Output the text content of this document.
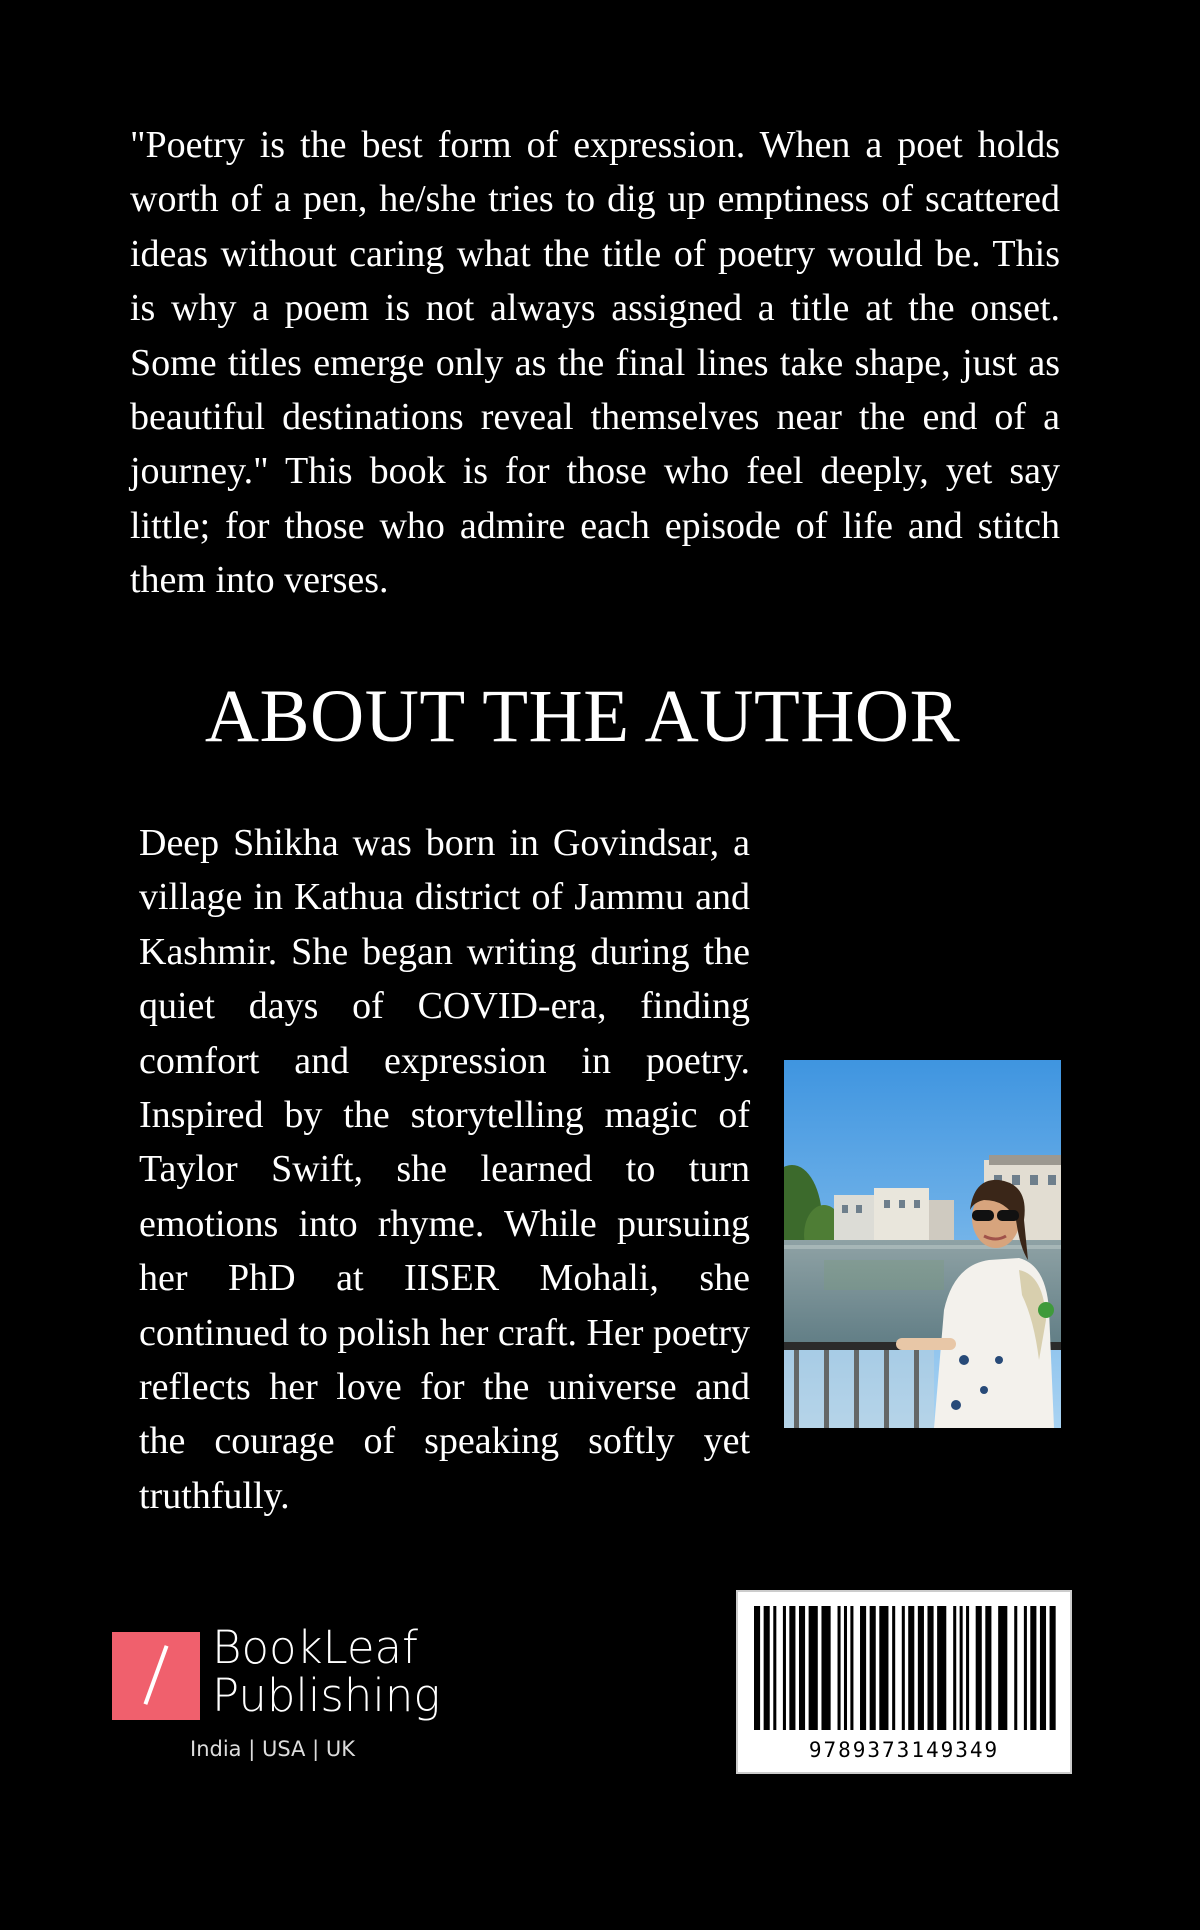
"Poetry is the best form of expression. When a poet holds worth of a pen, he/she tries to dig up emptiness of scattered ideas without caring what the title of poetry would be. This is why a poem is not always assigned a title at the onset. Some titles emerge only as the final lines take shape, just as beautiful destinations reveal themselves near the end of a journey." This book is for those who feel deeply, yet say little; for those who admire each episode of life and stitch them into verses.

ABOUT THE AUTHOR

Deep Shikha was born in Govindsar, a village in Kathua district of Jammu and Kashmir. She began writing during the quiet days of COVID-era, finding comfort and expression in poetry. Inspired by the storytelling magic of Taylor Swift, she learned to turn emotions into rhyme. While pursuing her PhD at IISER Mohali, she continued to polish her craft. Her poetry reflects her love for the universe and the courage of speaking softly yet truthfully.

BookLeaf
Publishing
India | USA | UK	9789373149349
